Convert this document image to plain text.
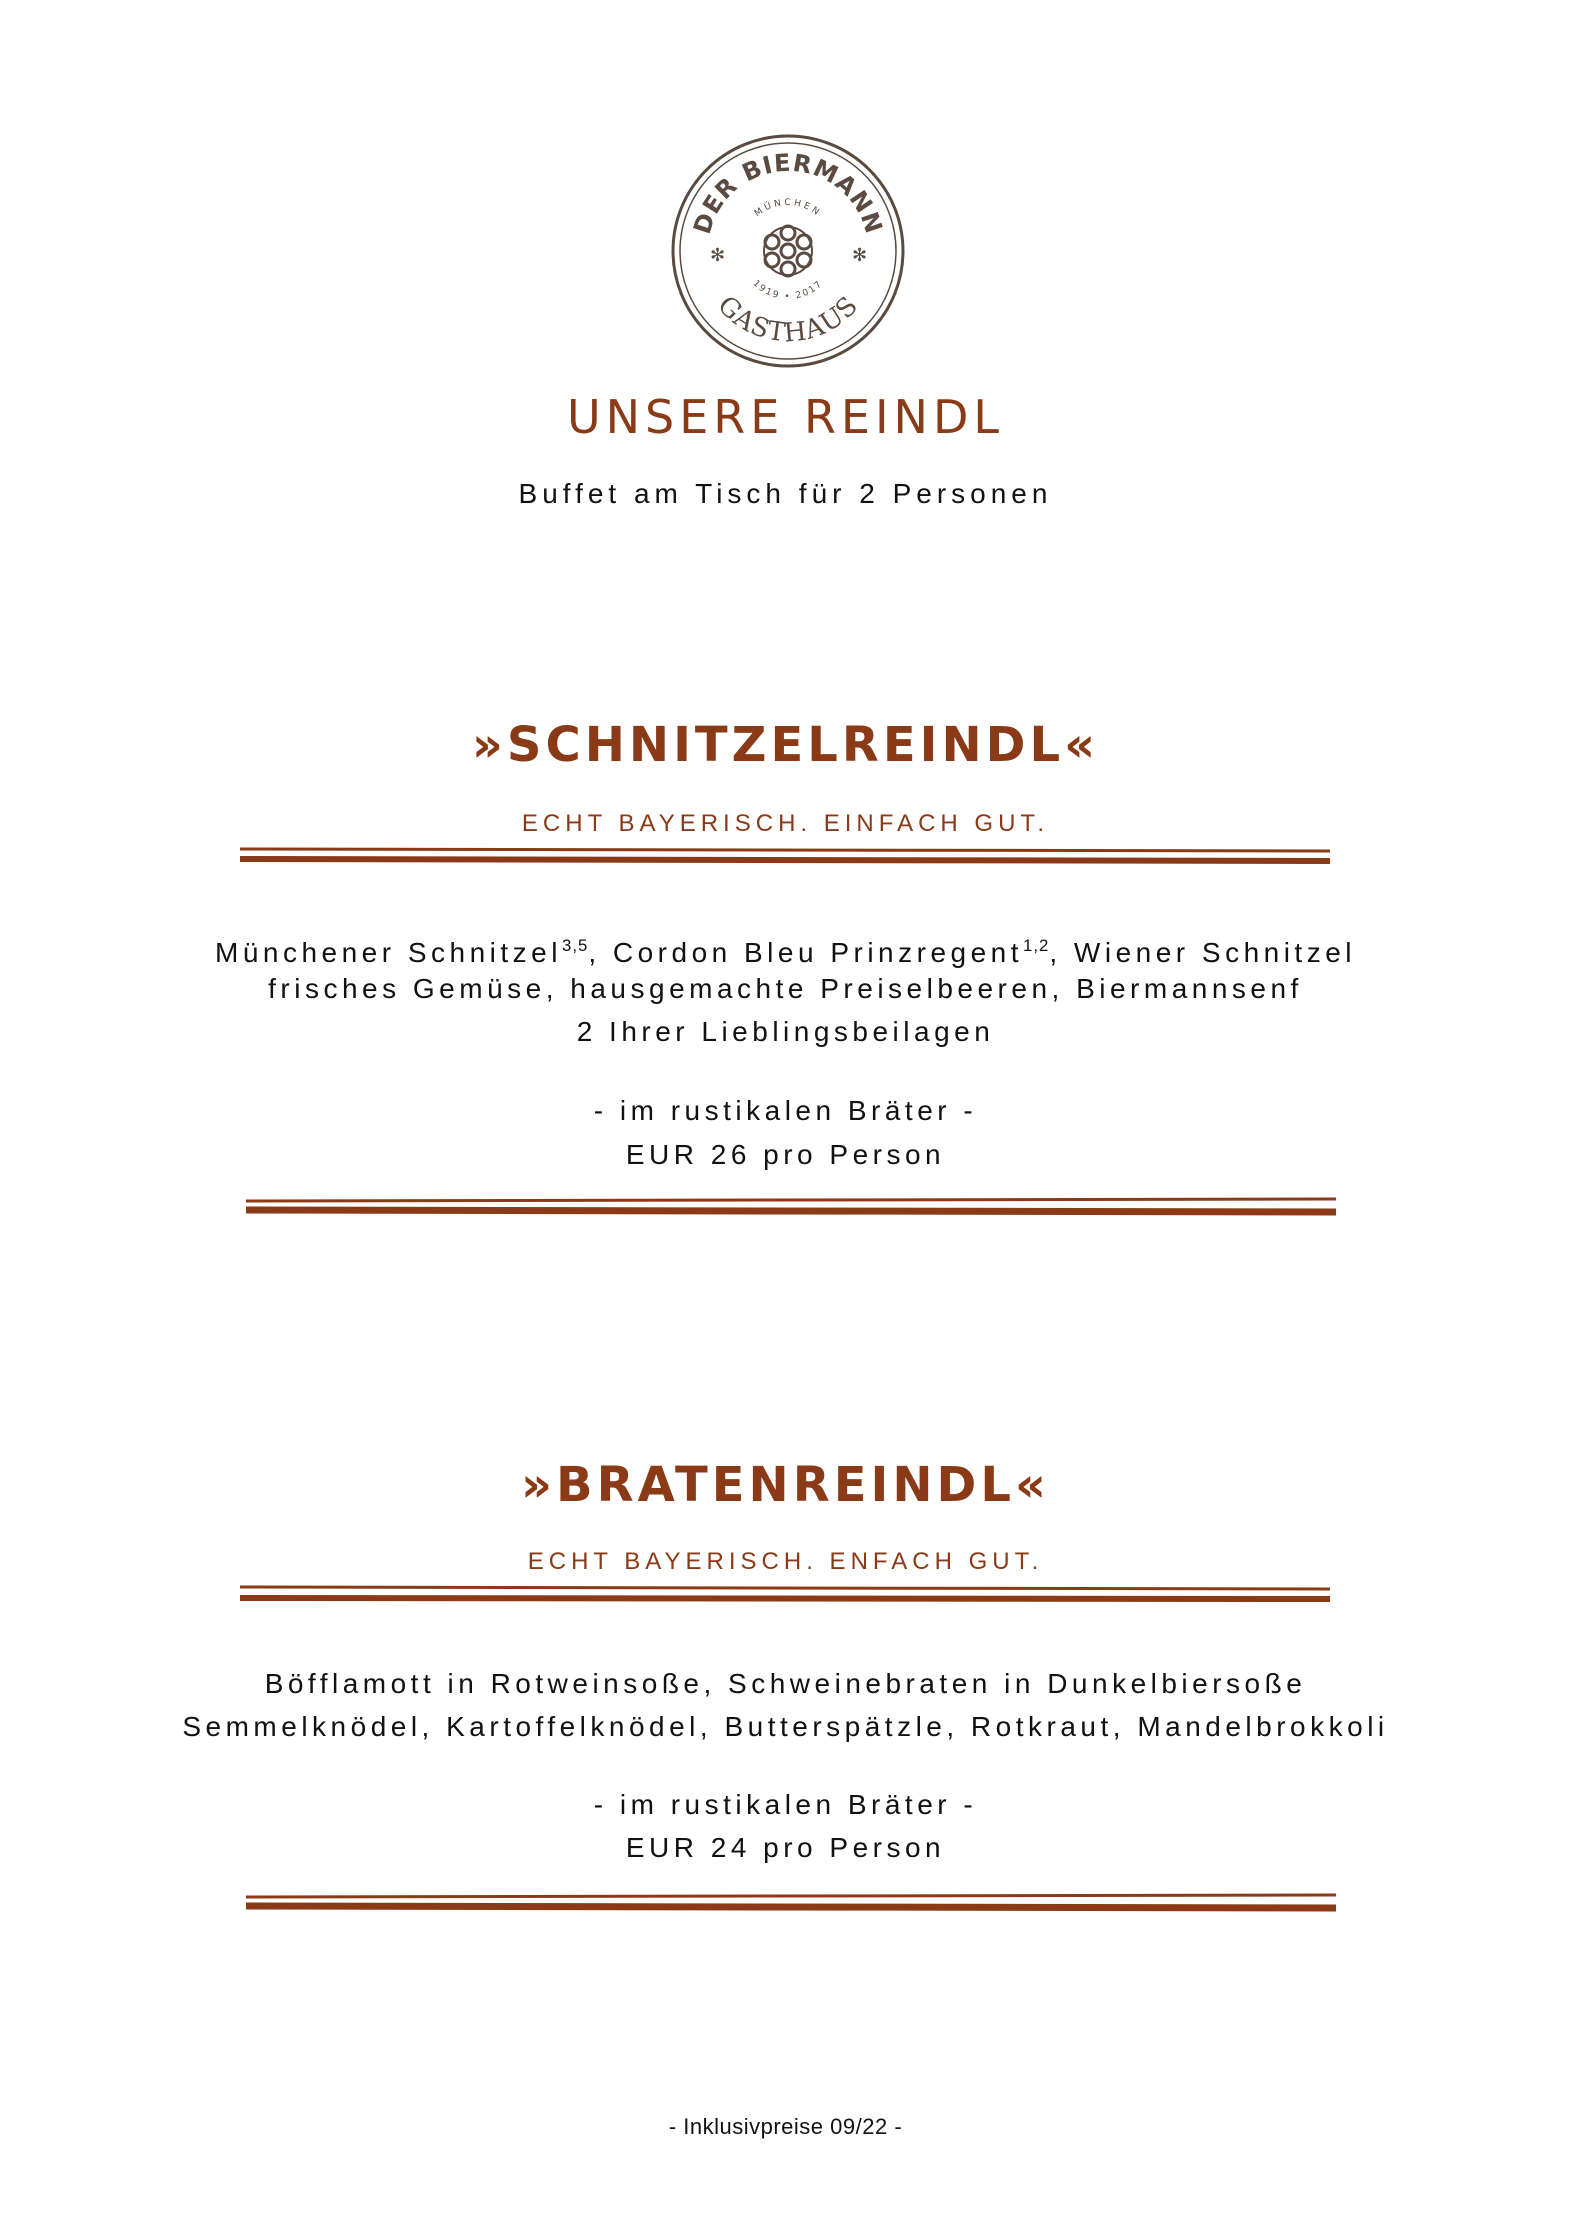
DER BIERMANN
MÜNCHEN
1919 • 2017
GASTHAUS
✻	✻
UNSERE REINDL
Buffet am Tisch für 2 Personen
»SCHNITZELREINDL«
ECHT BAYERISCH. EINFACH GUT.
Münchener Schnitzel$^{3,5}$, Cordon Bleu Prinzregent$^{1,2}$, Wiener Schnitzel
frisches Gemüse, hausgemachte Preiselbeeren, Biermannsenf
2 Ihrer Lieblingsbeilagen
- im rustikalen Bräter -
EUR 26 pro Person
»BRATENREINDL«
ECHT BAYERISCH. ENFACH GUT.
Böfflamott in Rotweinsoße, Schweinebraten in Dunkelbiersoße
Semmelknödel, Kartoffelknödel, Butterspätzle, Rotkraut, Mandelbrokkoli
- im rustikalen Bräter -
EUR 24 pro Person
- Inklusivpreise 09/22 -
